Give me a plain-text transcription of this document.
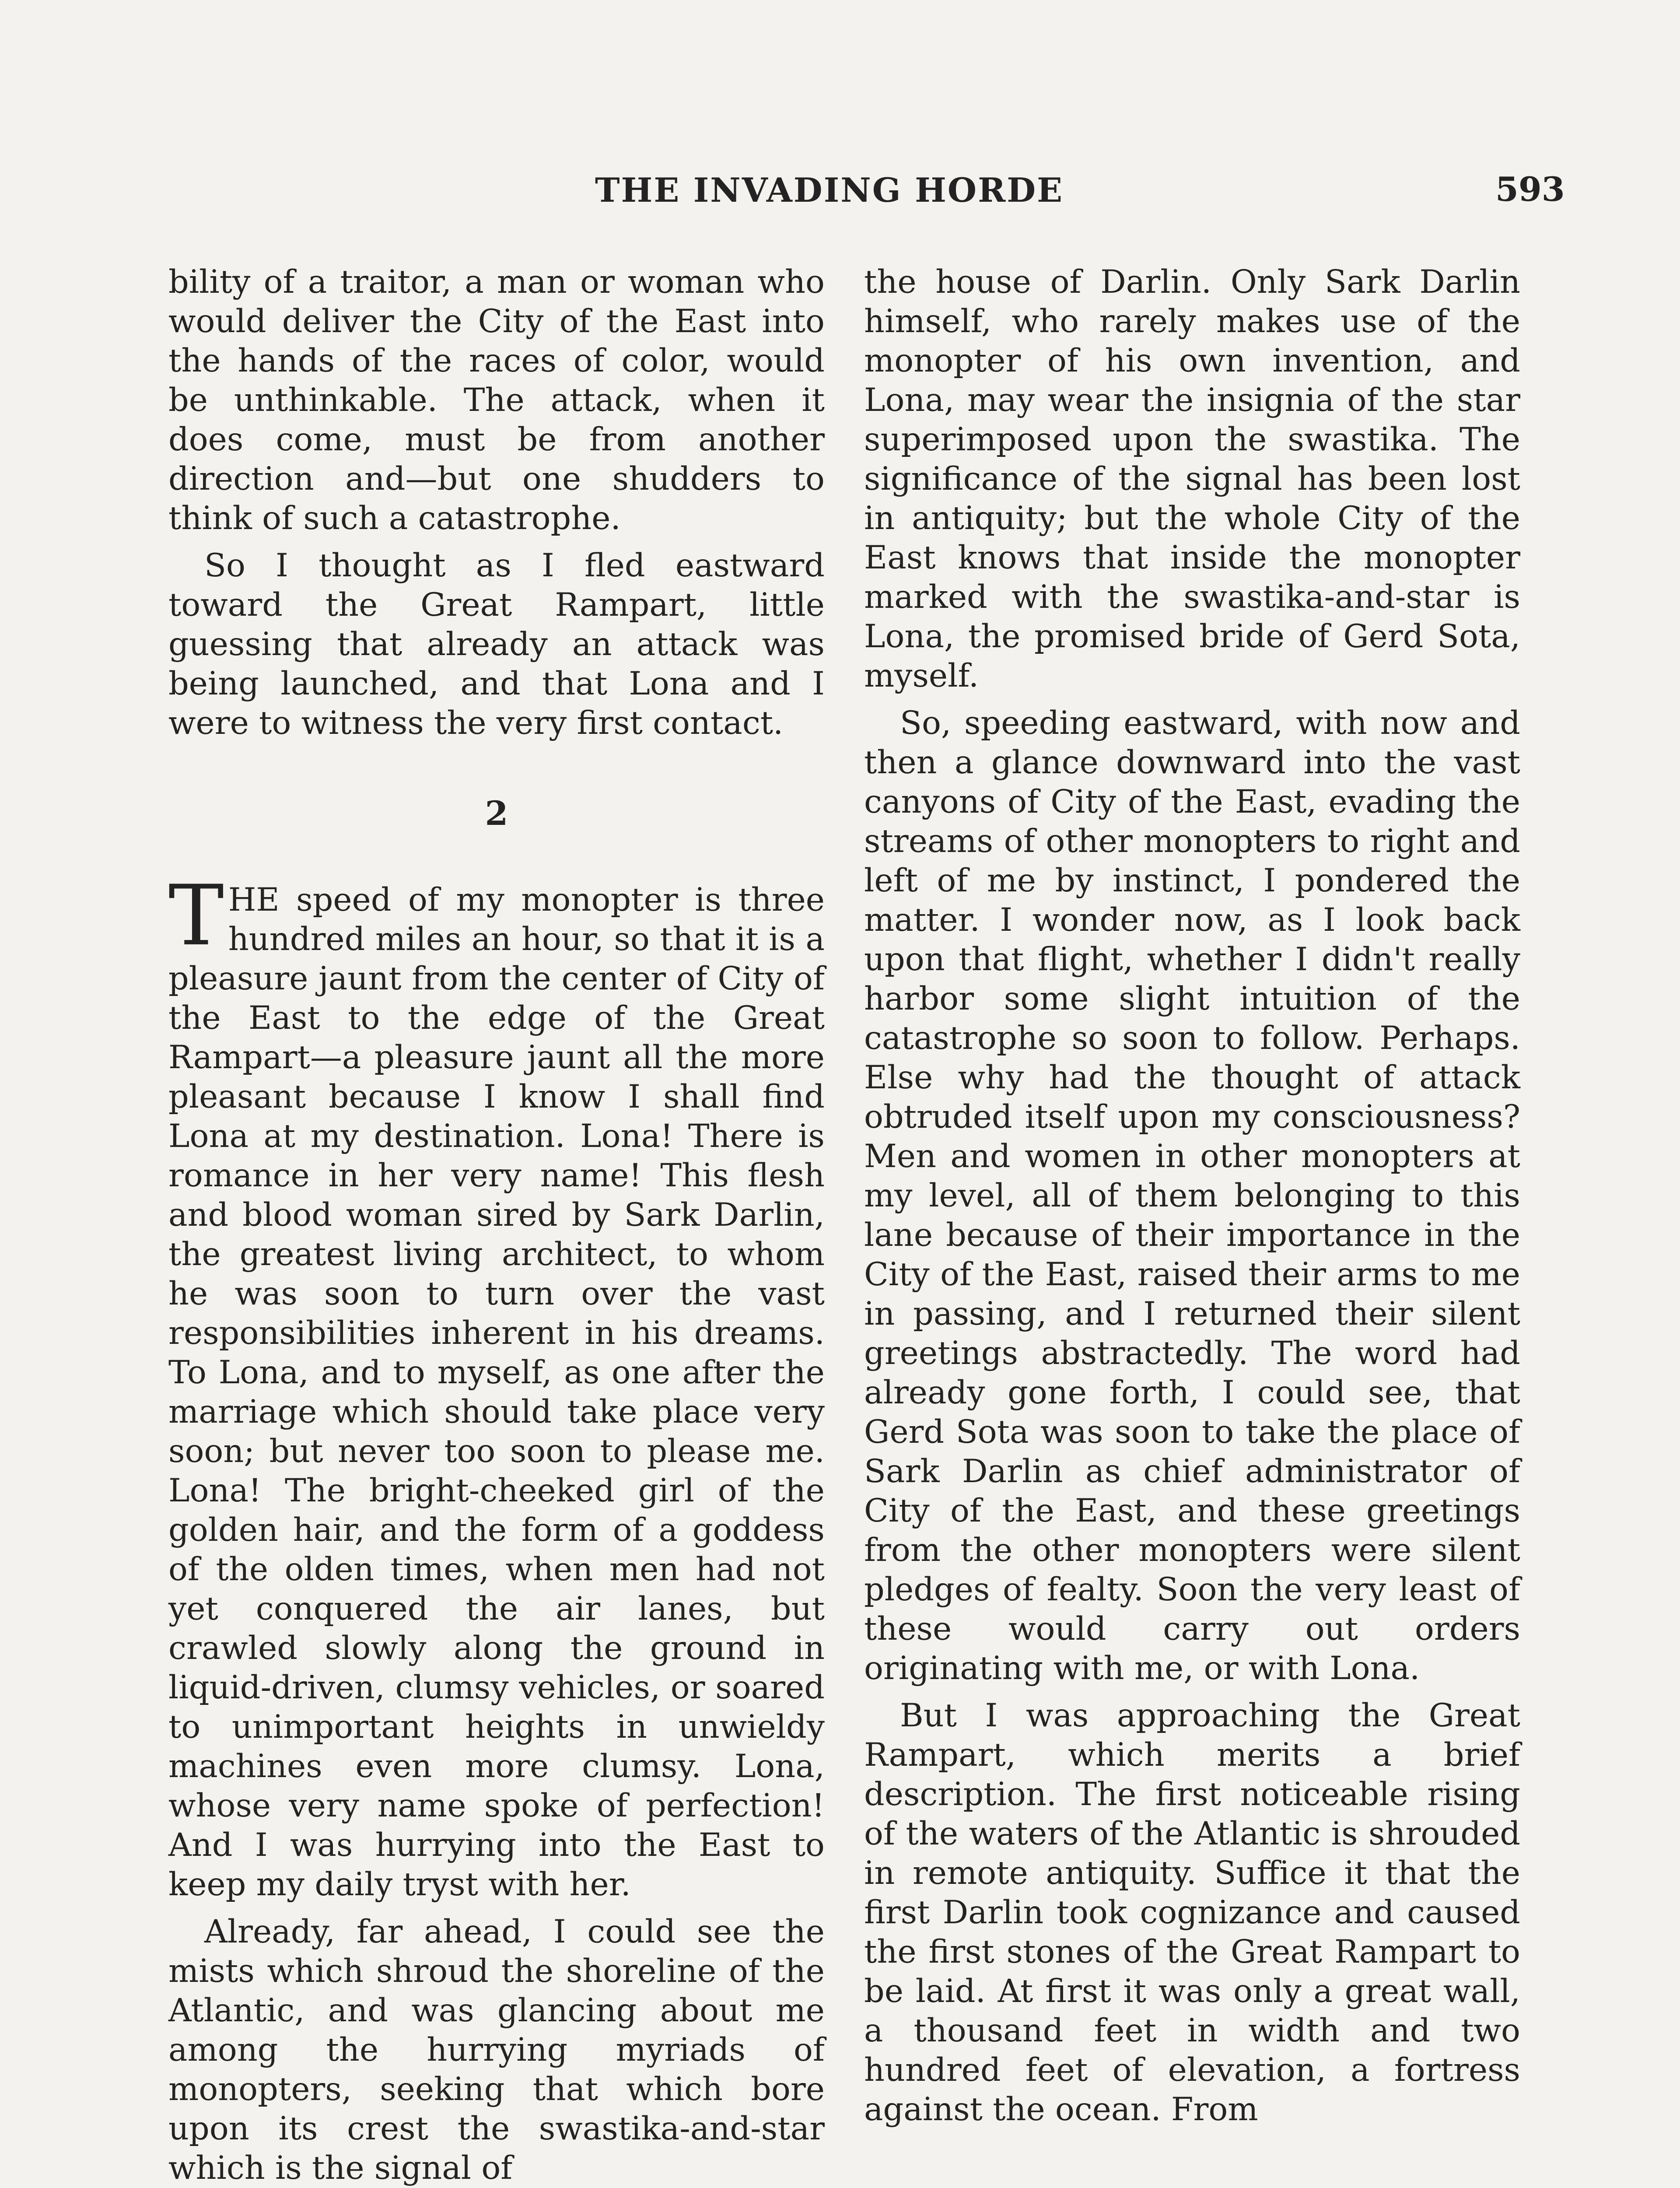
THE INVADING HORDE	593

bility of a traitor, a man or woman who would deliver the City of the East into the hands of the races of color, would be unthinkable. The attack, when it does come, must be from another direction and—but one shudders to think of such a catastrophe.

So I thought as I fled eastward toward the Great Rampart, little guessing that already an attack was being launched, and that Lona and I were to witness the very first contact.

2

THE speed of my monopter is three hundred miles an hour, so that it is a pleasure jaunt from the center of City of the East to the edge of the Great Rampart—a pleasure jaunt all the more pleasant because I know I shall find Lona at my destination. Lona! There is romance in her very name! This flesh and blood woman sired by Sark Darlin, the greatest living architect, to whom he was soon to turn over the vast responsibilities inherent in his dreams. To Lona, and to myself, as one after the marriage which should take place very soon; but never too soon to please me. Lona! The bright-cheeked girl of the golden hair, and the form of a goddess of the olden times, when men had not yet conquered the air lanes, but crawled slowly along the ground in liquid-driven, clumsy vehicles, or soared to unimportant heights in unwieldy machines even more clumsy. Lona, whose very name spoke of perfection! And I was hurrying into the East to keep my daily tryst with her.

Already, far ahead, I could see the mists which shroud the shoreline of the Atlantic, and was glancing about me among the hurrying myriads of monopters, seeking that which bore upon its crest the swastika-and-star which is the signal of

the house of Darlin. Only Sark Darlin himself, who rarely makes use of the monopter of his own invention, and Lona, may wear the insignia of the star superimposed upon the swastika. The significance of the signal has been lost in antiquity; but the whole City of the East knows that inside the monopter marked with the swastika-and-star is Lona, the promised bride of Gerd Sota, myself.

So, speeding eastward, with now and then a glance downward into the vast canyons of City of the East, evading the streams of other monopters to right and left of me by instinct, I pondered the matter. I wonder now, as I look back upon that flight, whether I didn't really harbor some slight intuition of the catastrophe so soon to follow. Perhaps. Else why had the thought of attack obtruded itself upon my consciousness? Men and women in other monopters at my level, all of them belonging to this lane because of their importance in the City of the East, raised their arms to me in passing, and I returned their silent greetings abstractedly. The word had already gone forth, I could see, that Gerd Sota was soon to take the place of Sark Darlin as chief administrator of City of the East, and these greetings from the other monopters were silent pledges of fealty. Soon the very least of these would carry out orders originating with me, or with Lona.

But I was approaching the Great Rampart, which merits a brief description. The first noticeable rising of the waters of the Atlantic is shrouded in remote antiquity. Suffice it that the first Darlin took cognizance and caused the first stones of the Great Rampart to be laid. At first it was only a great wall, a thousand feet in width and two hundred feet of elevation, a fortress against the ocean. From
